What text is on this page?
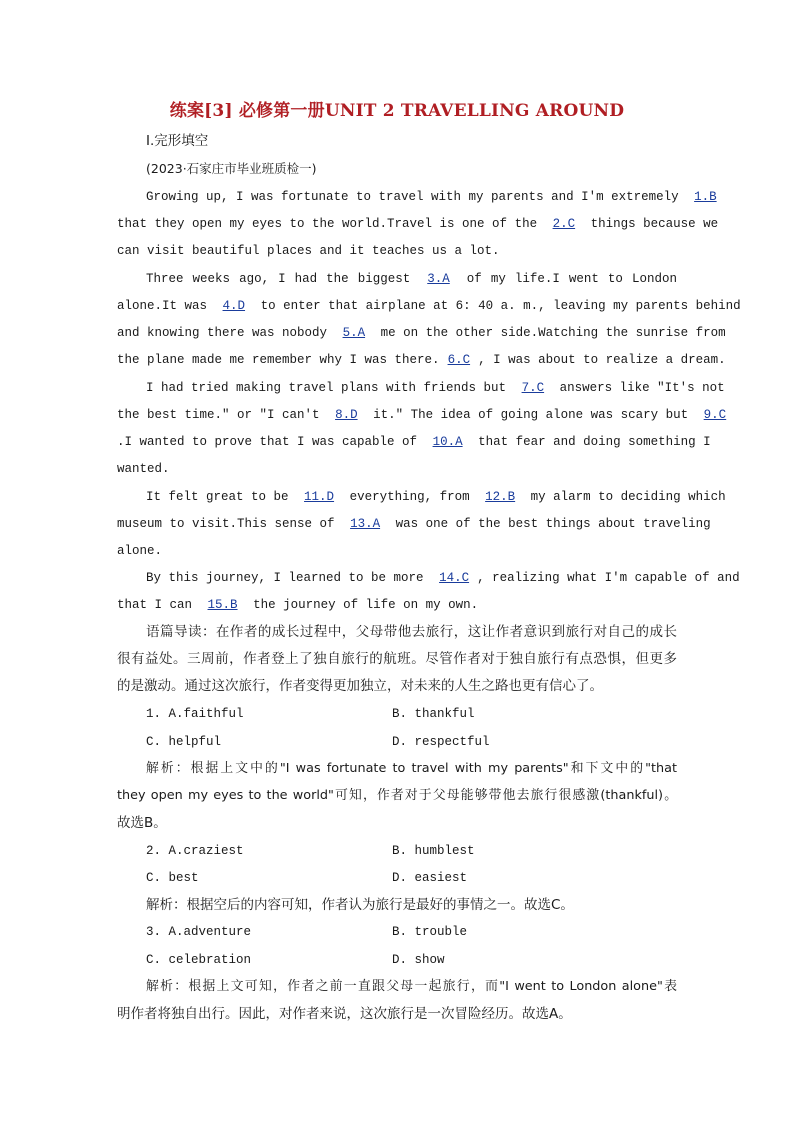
练案[3] 必修第一册UNIT 2 TRAVELLING AROUND
Ⅰ.完形填空
(2023·石家庄市毕业班质检一)
Growing up, I was fortunate to travel with my parents and I'm extremely 1.B
that they open my eyes to the world.Travel is one of the 2.C things because we
can visit beautiful places and it teaches us a lot.
Three weeks ago, I had the biggest 3.A of my life.I went to London
alone.It was 4.D to enter that airplane at 6: 40 a. m., leaving my parents behind
and knowing there was nobody 5.A me on the other side.Watching the sunrise from
the plane made me remember why I was there. 6.C , I was about to realize a dream.
I had tried making travel plans with friends but 7.C answers like "It's not
the best time." or "I can't 8.D it." The idea of going alone was scary but 9.C
.I wanted to prove that I was capable of 10.A that fear and doing something I
wanted.
It felt great to be 11.D everything, from 12.B my alarm to deciding which
museum to visit.This sense of 13.A was one of the best things about traveling
alone.
By this journey, I learned to be more 14.C , realizing what I'm capable of and
that I can 15.B the journey of life on my own.
语篇导读：在作者的成长过程中，父母带他去旅行，这让作者意识到旅行对自己的成长
很有益处。三周前，作者登上了独自旅行的航班。尽管作者对于独自旅行有点恐惧，但更多
的是激动。通过这次旅行，作者变得更加独立，对未来的人生之路也更有信心了。
1. A.faithful	B. thankful
C. helpful	D. respectful
解析：根据上文中的"I was fortunate to travel with my parents"和下文中的"that
they open my eyes to the world"可知，作者对于父母能够带他去旅行很感激(thankful)。
故选B。
2. A.craziest	B. humblest
C. best	D. easiest
解析：根据空后的内容可知，作者认为旅行是最好的事情之一。故选C。
3. A.adventure	B. trouble
C. celebration	D. show
解析：根据上文可知，作者之前一直跟父母一起旅行，而"I went to London alone"表
明作者将独自出行。因此，对作者来说，这次旅行是一次冒险经历。故选A。
